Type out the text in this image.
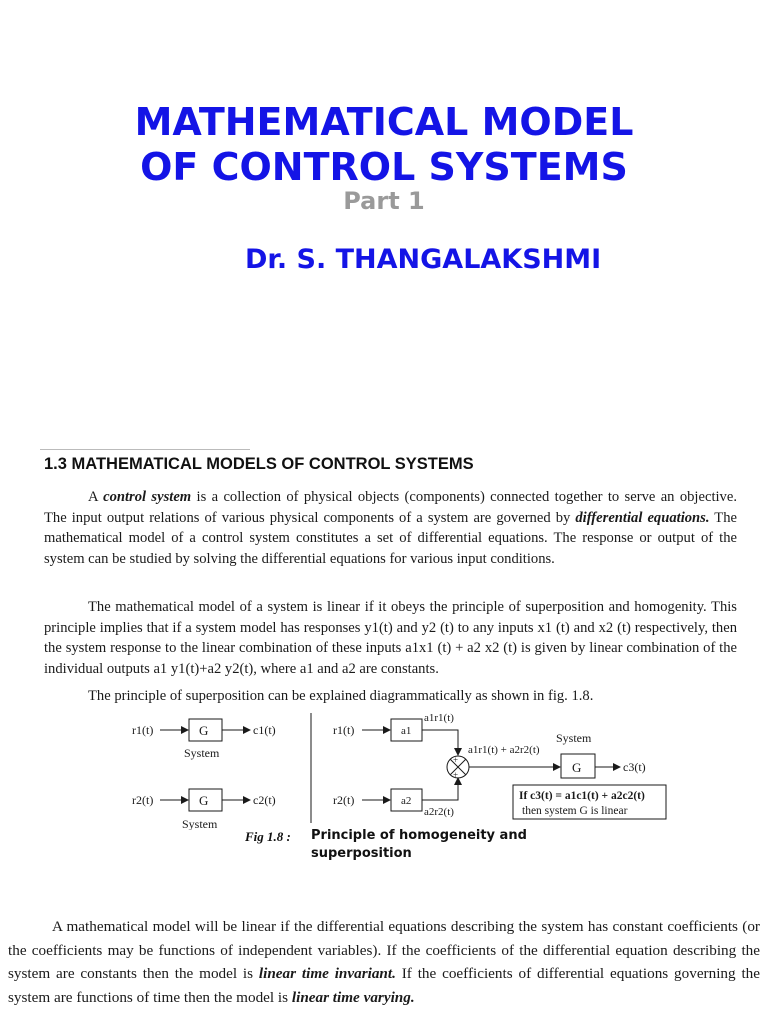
MATHEMATICAL MODEL
OF CONTROL SYSTEMS
Part 1
Dr. S. THANGALAKSHMI
1.3 MATHEMATICAL MODELS OF CONTROL SYSTEMS

A control system is a collection of physical objects (components) connected together to serve an objective. The input output relations of various physical components of a system are governed by differential equations. The mathematical model of a control system constitutes a set of differential equations. The response or output of the system can be studied by solving the differential equations for various input conditions.

The mathematical model of a system is linear if it obeys the principle of superposition and homogenity. This principle implies that if a system model has responses y1(t) and y2 (t) to any inputs x1 (t) and x2 (t) respectively, then the system response to the linear combination of these inputs a1x1 (t) + a2 x2 (t) is given by linear combination of the individual outputs a1 y1(t)+a2 y2(t), where a1 and a2 are constants.

The principle of superposition can be explained diagrammatically as shown in fig. 1.8.

+
+
r1(t)	G	c1(t)
System
r2(t)	G	c2(t)
System
r1(t)	a1
a1r1(t)
r2(t)	a2
a2r2(t)
a1r1(t) + a2r2(t)
System
G	c3(t)
If c3(t) = a1c1(t) + a2c2(t)
then system G is linear
Fig 1.8 : Principle of homogeneity and superposition

A mathematical model will be linear if the differential equations describing the system has constant coefficients (or the coefficients may be functions of independent variables). If the coefficients of the differential equation describing the system are constants then the model is linear time invariant. If the coefficients of differential equations governing the system are functions of time then the model is linear time varying.
